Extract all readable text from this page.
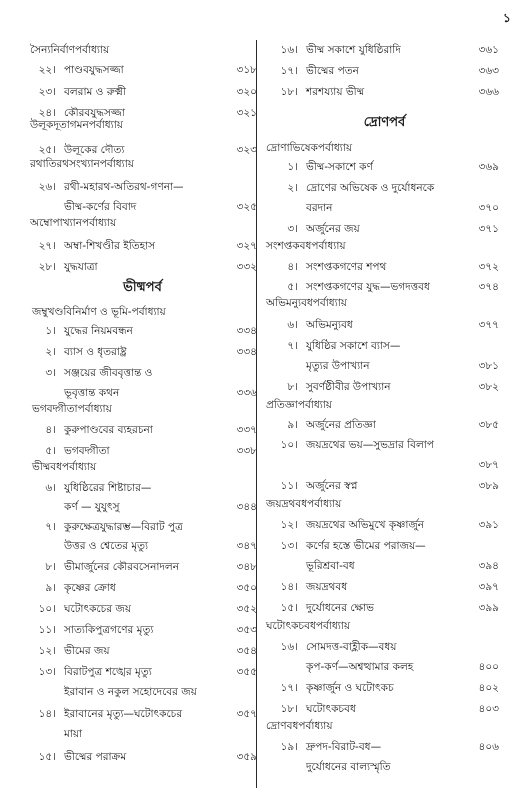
১
সৈন্যনির্বাণপর্বাধ্যায়
২২। পাণ্ডবযুদ্ধসজ্জা	৩১৮
২৩। বলরাম ও রুক্মী	৩২০
২৪। কৌরবযুদ্ধসজ্জা	৩২১
উলূকদূতাগমনপর্বাধ্যায়
২৫। উলূকের দৌত্য	৩২৩
রথাতিরথসংখ্যানপর্বাধ্যায়
২৬। রথী-মহারথ-অতিরথ-গণনা—
ভীষ্ম-কর্ণের বিবাদ	৩২৫
অম্বোপাখ্যানপর্বাধ্যায়
২৭। অম্বা-শিখণ্ডীর ইতিহাস	৩২৭
২৮। যুদ্ধযাত্রা	৩৩২
ভীষ্মপর্ব
জম্বুখণ্ডবিনির্মাণ ও ভূমি-পর্বাধ্যায়
১। যুদ্ধের নিয়মবন্ধন	৩৩৪
২। ব্যাস ও ধৃতরাষ্ট্র	৩৩৪
৩। সঞ্জয়ের জীববৃত্তান্ত ও
ভূবৃত্তান্ত কথন	৩৩৬
ভগবদ্গীতাপর্বাধ্যায়
৪। কুরুপাণ্ডবের ব্যহরচনা	৩৩৭
৫। ভগবদ্গীতা	৩৩৮
ভীষ্মবধপর্বাধ্যায়
৬। যুধিষ্ঠিরের শিষ্টাচার—
কর্ণ — যুযুৎসু	৩৪৪
৭। কুরুক্ষেত্রযুদ্ধারম্ভ—বিরাট পুত্র
উত্তর ও শ্বেতের মৃত্যু	৩৪৭
৮। ভীমার্জুনের কৌরবসেনাদলন	৩৪৮
৯। কৃষ্ণের ক্রোধ	৩৫০
১০। ঘটোৎকচের জয়	৩৫২
১১। সাত্যকিপুত্রগণের মৃত্যু	৩৫৩
১২। ভীমের জয়	৩৫৪
১৩। বিরাটপুত্র শঙ্খের মৃত্যু	৩৫৫
ইরাবান ও নকুল সহোদেবের জয়
১৪। ইরাবানের মৃত্যু—ঘটোৎকচের	৩৫৭
মায়া
১৫। ভীষ্মের পরাক্রম	৩৫৯
১৬। ভীষ্ম সকাশে যুধিষ্ঠিরাদি	৩৬১
১৭। ভীষ্মের পতন	৩৬৩
১৮। শরশয্যায় ভীষ্ম	৩৬৬
দ্রোণপর্ব
দ্রোণাভিষেকপর্বাধ্যায়
১। ভীষ্ম-সকাশে কর্ণ	৩৬৯
২। দ্রোণের অভিষেক ও দুর্যোধনকে
বরদান	৩৭০
৩। অর্জুনের জয়	৩৭১
সংশপ্তকবধপর্বাধ্যায়
৪। সংশপ্তকগণের শপথ	৩৭২
৫। সংশপ্তকগণের যুদ্ধ—ভগদত্তবধ	৩৭৪
অভিমন্যুবধপর্বাধ্যায়
৬। অভিমন্যুবধ	৩৭৭
৭। যুধিষ্ঠির সকাশে ব্যাস—
মৃত্যুর উপাখ্যান	৩৮১
৮। সুবর্ণষ্ঠীবীর উপাখ্যান	৩৮২
প্রতিজ্ঞাপর্বাধ্যায়
৯। অর্জুনের প্রতিজ্ঞা	৩৮৫
১০। জয়দ্রথের ভয়—সুভদ্রার বিলাপ
৩৮৭
১১। অর্জুনের স্বপ্ন	৩৮৯
জয়দ্রথবধপর্বাধ্যায়
১২। জয়দ্রথের অভিমুখে কৃষ্ণার্জুন	৩৯১
১৩। কর্ণের হস্তে ভীমের পরাজয়—
ভূরিশ্রবা-বধ	৩৯৪
১৪। জয়দ্রথবধ	৩৯৭
১৫। দুর্যোধনের ক্ষোভ	৩৯৯
ঘটোৎকচবধপর্বাধ্যায়
১৬। সোমদত্ত-বাহ্লীক—বধয়
কৃপ-কর্ণ—অশ্বত্থামার কলহ	৪০০
১৭। কৃষ্ণার্জুন ও ঘটোৎকচ	৪০২
১৮। ঘটোৎকচবধ	৪০৩
দ্রোণবধপর্বাধ্যায়
১৯। দ্রুপদ-বিরাট-বধ—	৪০৬
দুর্যোধনের বাল্যস্মৃতি
